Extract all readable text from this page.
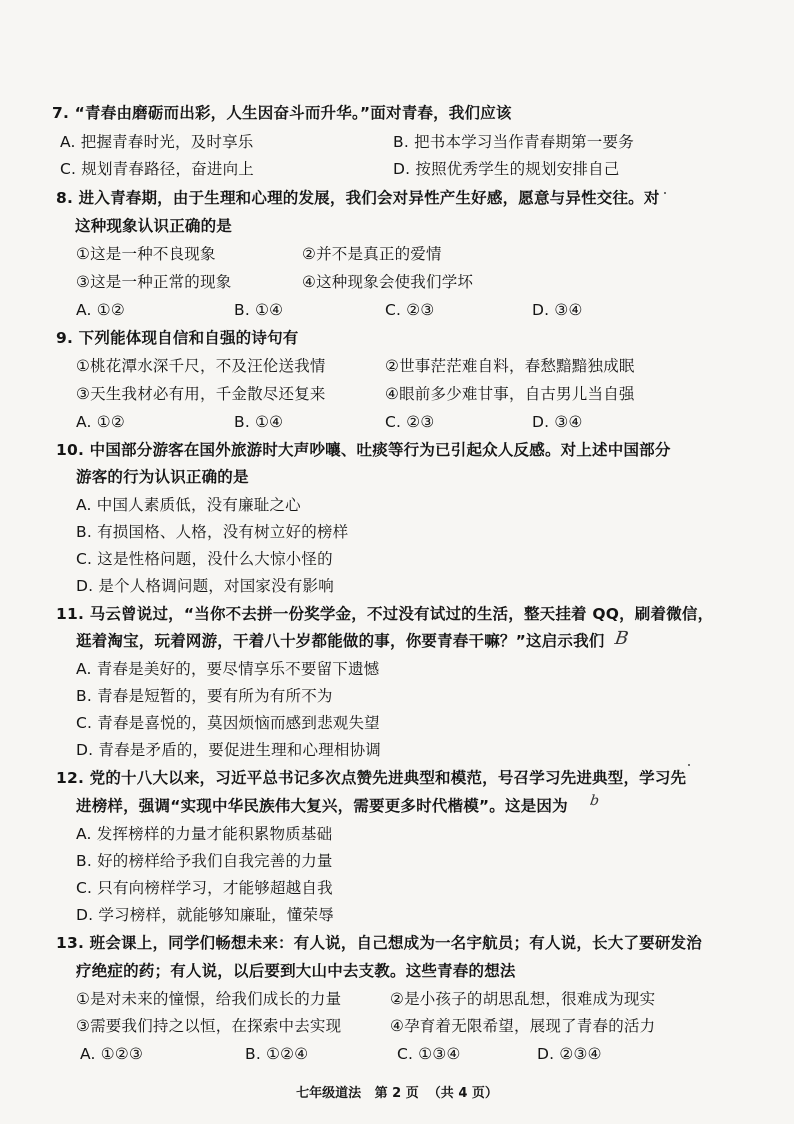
7. “青春由磨砺而出彩，人生因奋斗而升华。”面对青春，我们应该
A. 把握青春时光，及时享乐	B. 把书本学习当作青春期第一要务
C. 规划青春路径，奋进向上	D. 按照优秀学生的规划安排自己
8. 进入青春期，由于生理和心理的发展，我们会对异性产生好感，愿意与异性交往。对
这种现象认识正确的是
①这是一种不良现象	②并不是真正的爱情
③这是一种正常的现象	④这种现象会使我们学坏
A. ①②	B. ①④	C. ②③	D. ③④
9. 下列能体现自信和自强的诗句有
①桃花潭水深千尺，不及汪伦送我情	②世事茫茫难自料，春愁黯黯独成眠
③天生我材必有用，千金散尽还复来	④眼前多少难甘事，自古男儿当自强
A. ①②	B. ①④	C. ②③	D. ③④
10. 中国部分游客在国外旅游时大声吵嚷、吐痰等行为已引起众人反感。对上述中国部分
游客的行为认识正确的是
A. 中国人素质低，没有廉耻之心
B. 有损国格、人格，没有树立好的榜样
C. 这是性格问题，没什么大惊小怪的
D. 是个人格调问题，对国家没有影响
11. 马云曾说过，“当你不去拼一份奖学金，不过没有试过的生活，整天挂着 QQ，刷着微信，
逛着淘宝，玩着网游，干着八十岁都能做的事，你要青春干嘛？”这启示我们
A. 青春是美好的，要尽情享乐不要留下遗憾
B. 青春是短暂的，要有所为有所不为
C. 青春是喜悦的，莫因烦恼而感到悲观失望
D. 青春是矛盾的，要促进生理和心理相协调
12. 党的十八大以来，习近平总书记多次点赞先进典型和模范，号召学习先进典型，学习先
进榜样，强调“实现中华民族伟大复兴，需要更多时代楷模”。这是因为
A. 发挥榜样的力量才能积累物质基础
B. 好的榜样给予我们自我完善的力量
C. 只有向榜样学习，才能够超越自我
D. 学习榜样，就能够知廉耻，懂荣辱
13. 班会课上，同学们畅想未来：有人说，自己想成为一名宇航员；有人说，长大了要研发治
疗绝症的药；有人说，以后要到大山中去支教。这些青春的想法
①是对未来的憧憬，给我们成长的力量	②是小孩子的胡思乱想，很难成为现实
③需要我们持之以恒，在探索中去实现	④孕育着无限希望，展现了青春的活力
A. ①②③	B. ①②④	C. ①③④	D. ②③④
B
b
七年级道法   第 2 页  （共 4 页）
